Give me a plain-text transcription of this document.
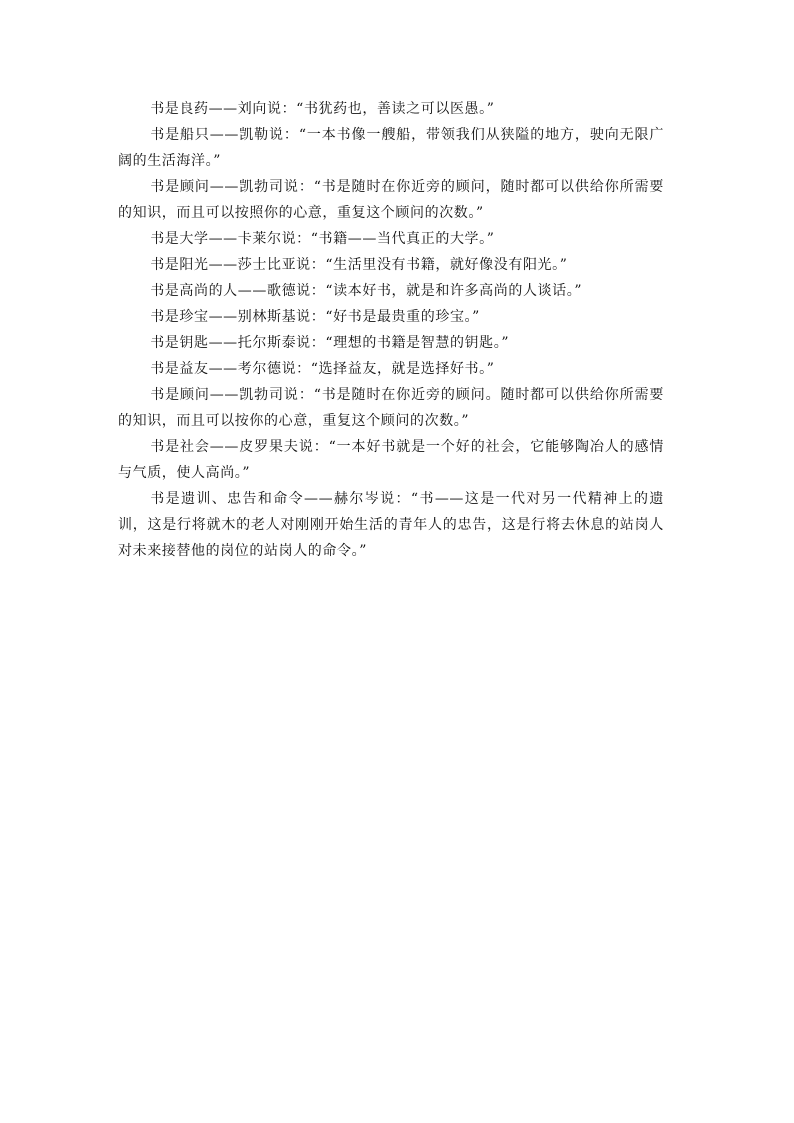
书是良药——刘向说：“书犹药也，善读之可以医愚。”

书是船只——凯勒说：“一本书像一艘船，带领我们从狭隘的地方，驶向无限广阔的生活海洋。”

书是顾问——凯勃司说：“书是随时在你近旁的顾问，随时都可以供给你所需要的知识，而且可以按照你的心意，重复这个顾问的次数。”

书是大学——卡莱尔说：“书籍——当代真正的大学。”

书是阳光——莎士比亚说：“生活里没有书籍，就好像没有阳光。”

书是高尚的人——歌德说：“读本好书，就是和许多高尚的人谈话。”

书是珍宝——别林斯基说：“好书是最贵重的珍宝。”

书是钥匙——托尔斯泰说：“理想的书籍是智慧的钥匙。”

书是益友——考尔德说：“选择益友，就是选择好书。”

书是顾问——凯勃司说：“书是随时在你近旁的顾问。随时都可以供给你所需要的知识，而且可以按你的心意，重复这个顾问的次数。”

书是社会——皮罗果夫说：“一本好书就是一个好的社会，它能够陶冶人的感情与气质，使人高尚。”

书是遗训、忠告和命令——赫尔岑说：“书——这是一代对另一代精神上的遗训，这是行将就木的老人对刚刚开始生活的青年人的忠告，这是行将去休息的站岗人对未来接替他的岗位的站岗人的命令。”
